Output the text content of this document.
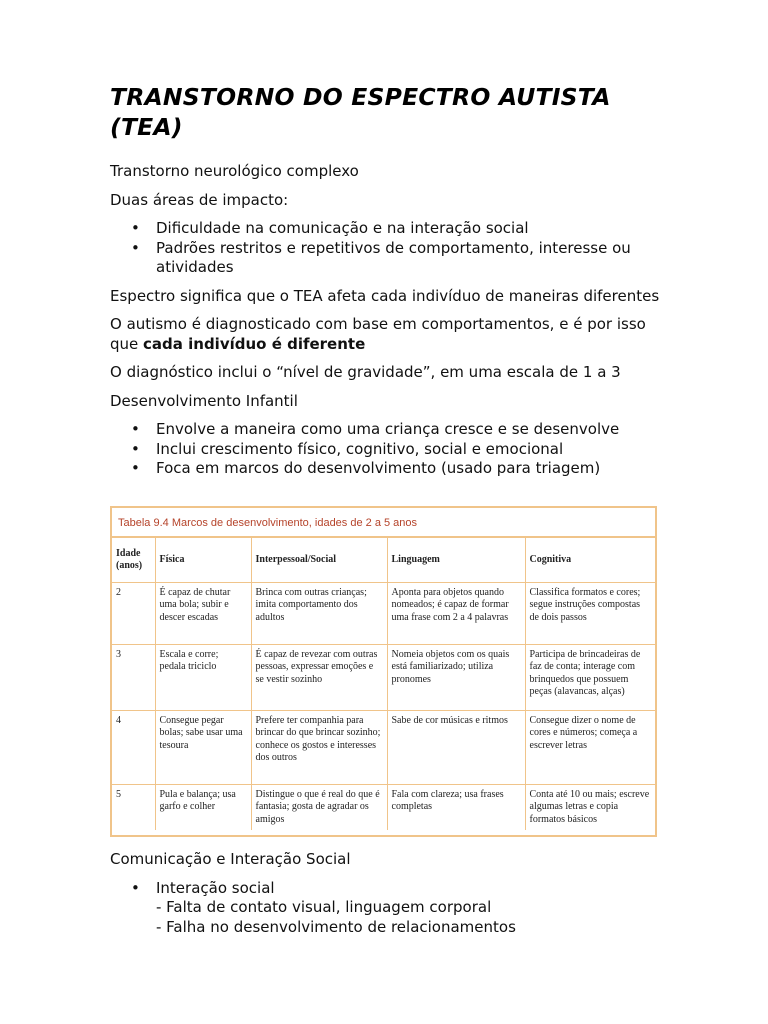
TRANSTORNO DO ESPECTRO AUTISTA
(TEA)

Transtorno neurológico complexo

Duas áreas de impacto:

• Dificuldade na comunicação e na interação social
• Padrões restritos e repetitivos de comportamento, interesse ou atividades

Espectro significa que o TEA afeta cada indivíduo de maneiras diferentes

O autismo é diagnosticado com base em comportamentos, e é por isso que cada indivíduo é diferente

O diagnóstico inclui o “nível de gravidade”, em uma escala de 1 a 3

Desenvolvimento Infantil

• Envolve a maneira como uma criança cresce e se desenvolve
• Inclui crescimento físico, cognitivo, social e emocional
• Foca em marcos do desenvolvimento (usado para triagem)
Tabela 9.4 Marcos de desenvolvimento, idades de 2 a 5 anos
Idade (anos)	Física	Interpessoal/Social	Linguagem	Cognitiva
2	É capaz de chutar uma bola; subir e descer escadas	Brinca com outras crianças; imita comportamento dos adultos	Aponta para objetos quando nomeados; é capaz de formar uma frase com 2 a 4 palavras	Classifica formatos e cores; segue instruções compostas de dois passos
3	Escala e corre; pedala triciclo	É capaz de revezar com outras pessoas, expressar emoções e se vestir sozinho	Nomeia objetos com os quais está familiarizado; utiliza pronomes	Participa de brincadeiras de faz de conta; interage com brinquedos que possuem peças (alavancas, alças)
4	Consegue pegar bolas; sabe usar uma tesoura	Prefere ter companhia para brincar do que brincar sozinho; conhece os gostos e interesses dos outros	Sabe de cor músicas e ritmos	Consegue dizer o nome de cores e números; começa a escrever letras
5	Pula e balança; usa garfo e colher	Distingue o que é real do que é fantasia; gosta de agradar os amigos	Fala com clareza; usa frases completas	Conta até 10 ou mais; escreve algumas letras e copia formatos básicos

Comunicação e Interação Social

• Interação social
- Falta de contato visual, linguagem corporal
- Falha no desenvolvimento de relacionamentos
